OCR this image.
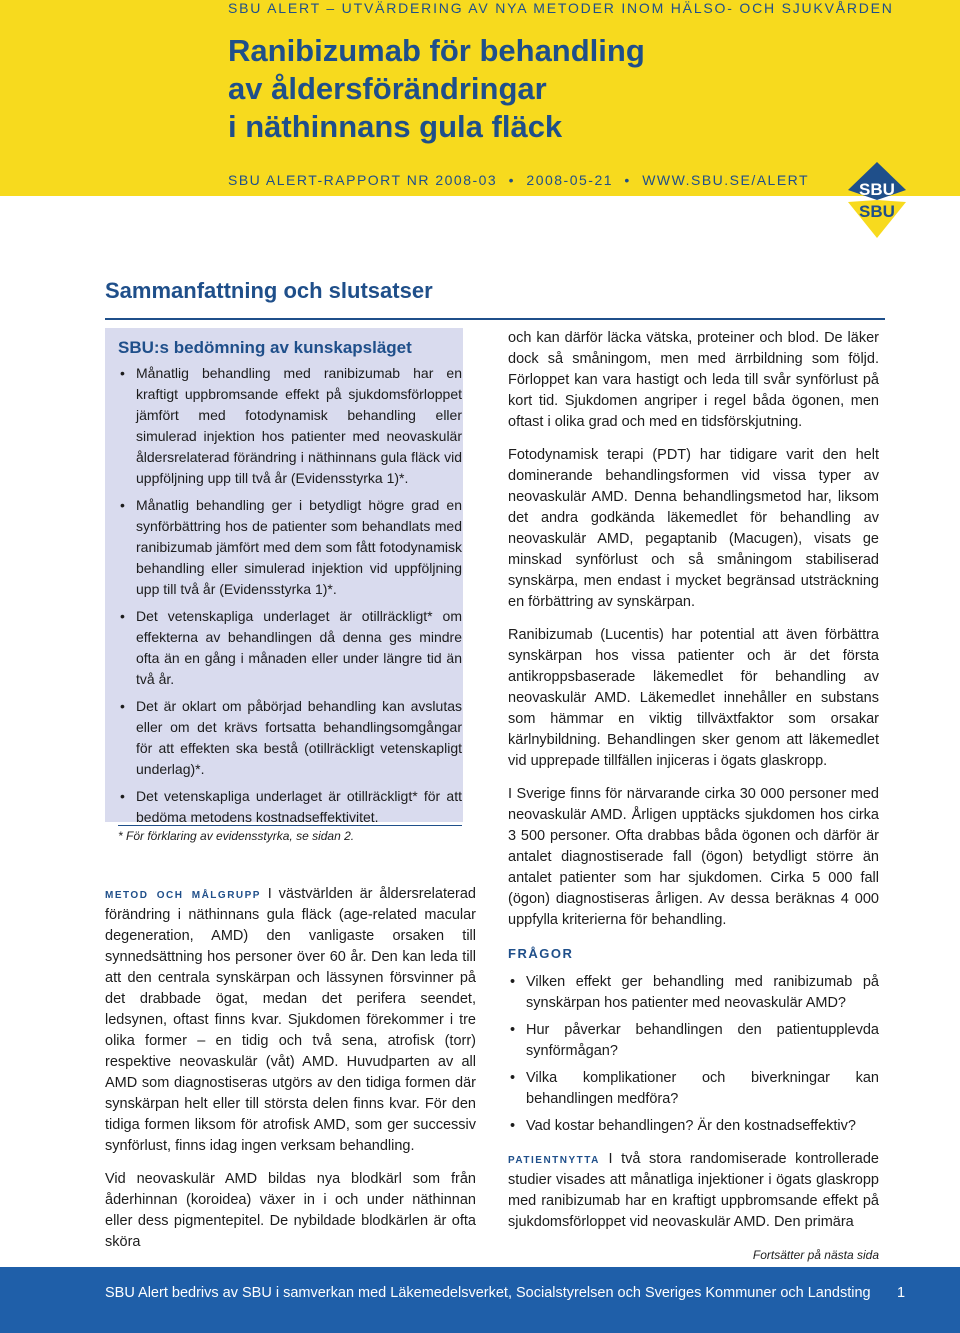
SBU ALERT – UTVÄRDERING AV NYA METODER INOM HÄLSO- OCH SJUKVÅRDEN
Ranibizumab för behandling
av åldersförändringar
i näthinnans gula fläck
SBU ALERT-RAPPORT NR 2008-03 • 2008-05-21 • WWW.SBU.SE/ALERT	SBU
SBU
Sammanfattning och slutsatser
SBU:s bedömning av kunskapsläget
• Månatlig behandling med ranibizumab har en kraftigt uppbromsande effekt på sjukdomsförloppet jämfört med fotodynamisk behandling eller simulerad injektion hos patienter med neovaskulär åldersrelaterad förändring i näthinnans gula fläck vid uppföljning upp till två år (Evidensstyrka 1)*.
• Månatlig behandling ger i betydligt högre grad en synförbättring hos de patienter som behandlats med ranibizumab jämfört med dem som fått fotodynamisk behandling eller simulerad injektion vid uppföljning upp till två år (Evidensstyrka 1)*.
• Det vetenskapliga underlaget är otillräckligt* om effekterna av behandlingen då denna ges mindre ofta än en gång i månaden eller under längre tid än två år.
• Det är oklart om påbörjad behandling kan avslutas eller om det krävs fortsatta behandlingsomgångar för att effekten ska bestå (otillräckligt vetenskapligt underlag)*.
• Det vetenskapliga underlaget är otillräckligt* för att bedöma metodens kostnadseffektivitet.
* För förklaring av evidensstyrka, se sidan 2.

metod och målgrupp I västvärlden är åldersrelaterad förändring i näthinnans gula fläck (age-related macular degeneration, AMD) den vanligaste orsaken till synnedsättning hos personer över 60 år. Den kan leda till att den centrala synskärpan och lässynen försvinner på det drabbade ögat, medan det perifera seendet, ledsynen, oftast finns kvar. Sjukdomen förekommer i tre olika former – en tidig och två sena, atrofisk (torr) respektive neovaskulär (våt) AMD. Huvudparten av all AMD som diagnostiseras utgörs av den tidiga formen där synskärpan helt eller till största delen finns kvar. För den tidiga formen liksom för atrofisk AMD, som ger successiv synförlust, finns idag ingen verksam behandling.

Vid neovaskulär AMD bildas nya blodkärl som från åderhinnan (koroidea) växer in i och under näthinnan eller dess pigmentepitel. De nybildade blodkärlen är ofta sköra

och kan därför läcka vätska, proteiner och blod. De läker dock så småningom, men med ärrbildning som följd. Förloppet kan vara hastigt och leda till svår synförlust på kort tid. Sjukdomen angriper i regel båda ögonen, men oftast i olika grad och med en tidsförskjutning.

Fotodynamisk terapi (PDT) har tidigare varit den helt dominerande behandlingsformen vid vissa typer av neovaskulär AMD. Denna behandlingsmetod har, liksom det andra godkända läkemedlet för behandling av neovaskulär AMD, pegaptanib (Macugen), visats ge minskad synförlust och så småningom stabiliserad synskärpa, men endast i mycket begränsad utsträckning en förbättring av synskärpan.

Ranibizumab (Lucentis) har potential att även förbättra synskärpan hos vissa patienter och är det första antikroppsbaserade läkemedlet för behandling av neovaskulär AMD. Läkemedlet innehåller en substans som hämmar en viktig tillväxtfaktor som orsakar kärlnybildning. Behandlingen sker genom att läkemedlet vid upprepade tillfällen injiceras i ögats glaskropp.

I Sverige finns för närvarande cirka 30 000 personer med neovaskulär AMD. Årligen upptäcks sjukdomen hos cirka 3 500 personer. Ofta drabbas båda ögonen och därför är antalet diagnostiserade fall (ögon) betydligt större än antalet patienter som har sjukdomen. Cirka 5 000 fall (ögon) diagnostiseras årligen. Av dessa beräknas 4 000 uppfylla kriterierna för behandling.

FRÅGOR
• Vilken effekt ger behandling med ranibizumab på synskärpan hos patienter med neovaskulär AMD?
• Hur påverkar behandlingen den patientupplevda synförmågan?
• Vilka komplikationer och biverkningar kan behandlingen medföra?
• Vad kostar behandlingen? Är den kostnadseffektiv?

patientnytta I två stora randomiserade kontrollerade studier visades att månatliga injektioner i ögats glaskropp med ranibizumab har en kraftigt uppbromsande effekt på sjukdomsförloppet vid neovaskulär AMD. Den primära

Fortsätter på nästa sida

SBU Alert bedrivs av SBU i samverkan med Läkemedelsverket, Socialstyrelsen och Sveriges Kommuner och Landsting 1
